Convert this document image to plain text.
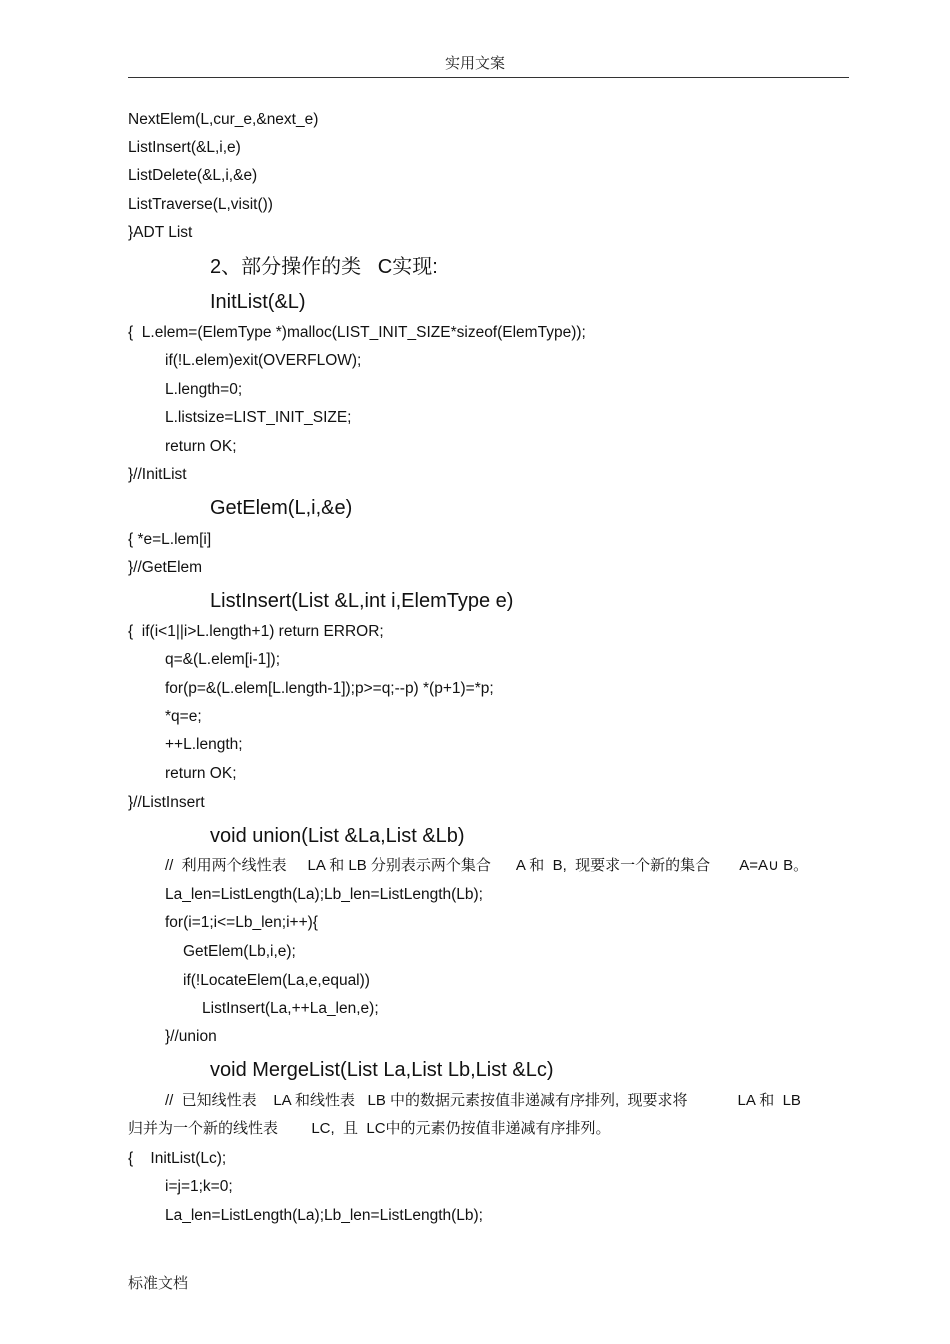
实用文案
NextElem(L,cur_e,&next_e)
ListInsert(&L,i,e)
ListDelete(&L,i,&e)
ListTraverse(L,visit())
}ADT List
2、部分操作的类   C实现:
InitList(&L)
{  L.elem=(ElemType *)malloc(LIST_INIT_SIZE*sizeof(ElemType));
if(!L.elem)exit(OVERFLOW);
L.length=0;
L.listsize=LIST_INIT_SIZE;
return OK;
}//InitList
GetElem(L,i,&e)
{ *e=L.lem[i]
}//GetElem
ListInsert(List &L,int i,ElemType e)
{  if(i<1||i>L.length+1) return ERROR;
q=&(L.elem[i-1]);
for(p=&(L.elem[L.length-1]);p>=q;--p) *(p+1)=*p;
*q=e;
++L.length;
return OK;
}//ListInsert
void union(List &La,List &Lb)
//  利用两个线性表     LA 和 LB 分别表示两个集合      A 和  B,  现要求一个新的集合       A=A∪ B。
La_len=ListLength(La);Lb_len=ListLength(Lb);
for(i=1;i<=Lb_len;i++){
GetElem(Lb,i,e);
if(!LocateElem(La,e,equal))
ListInsert(La,++La_len,e);
}//union
void MergeList(List La,List Lb,List &Lc)
//  已知线性表    LA 和线性表   LB 中的数据元素按值非递减有序排列,  现要求将            LA 和  LB
归并为一个新的线性表        LC,  且  LC中的元素仍按值非递减有序排列。
{    InitList(Lc);
i=j=1;k=0;
La_len=ListLength(La);Lb_len=ListLength(Lb);
标准文档
